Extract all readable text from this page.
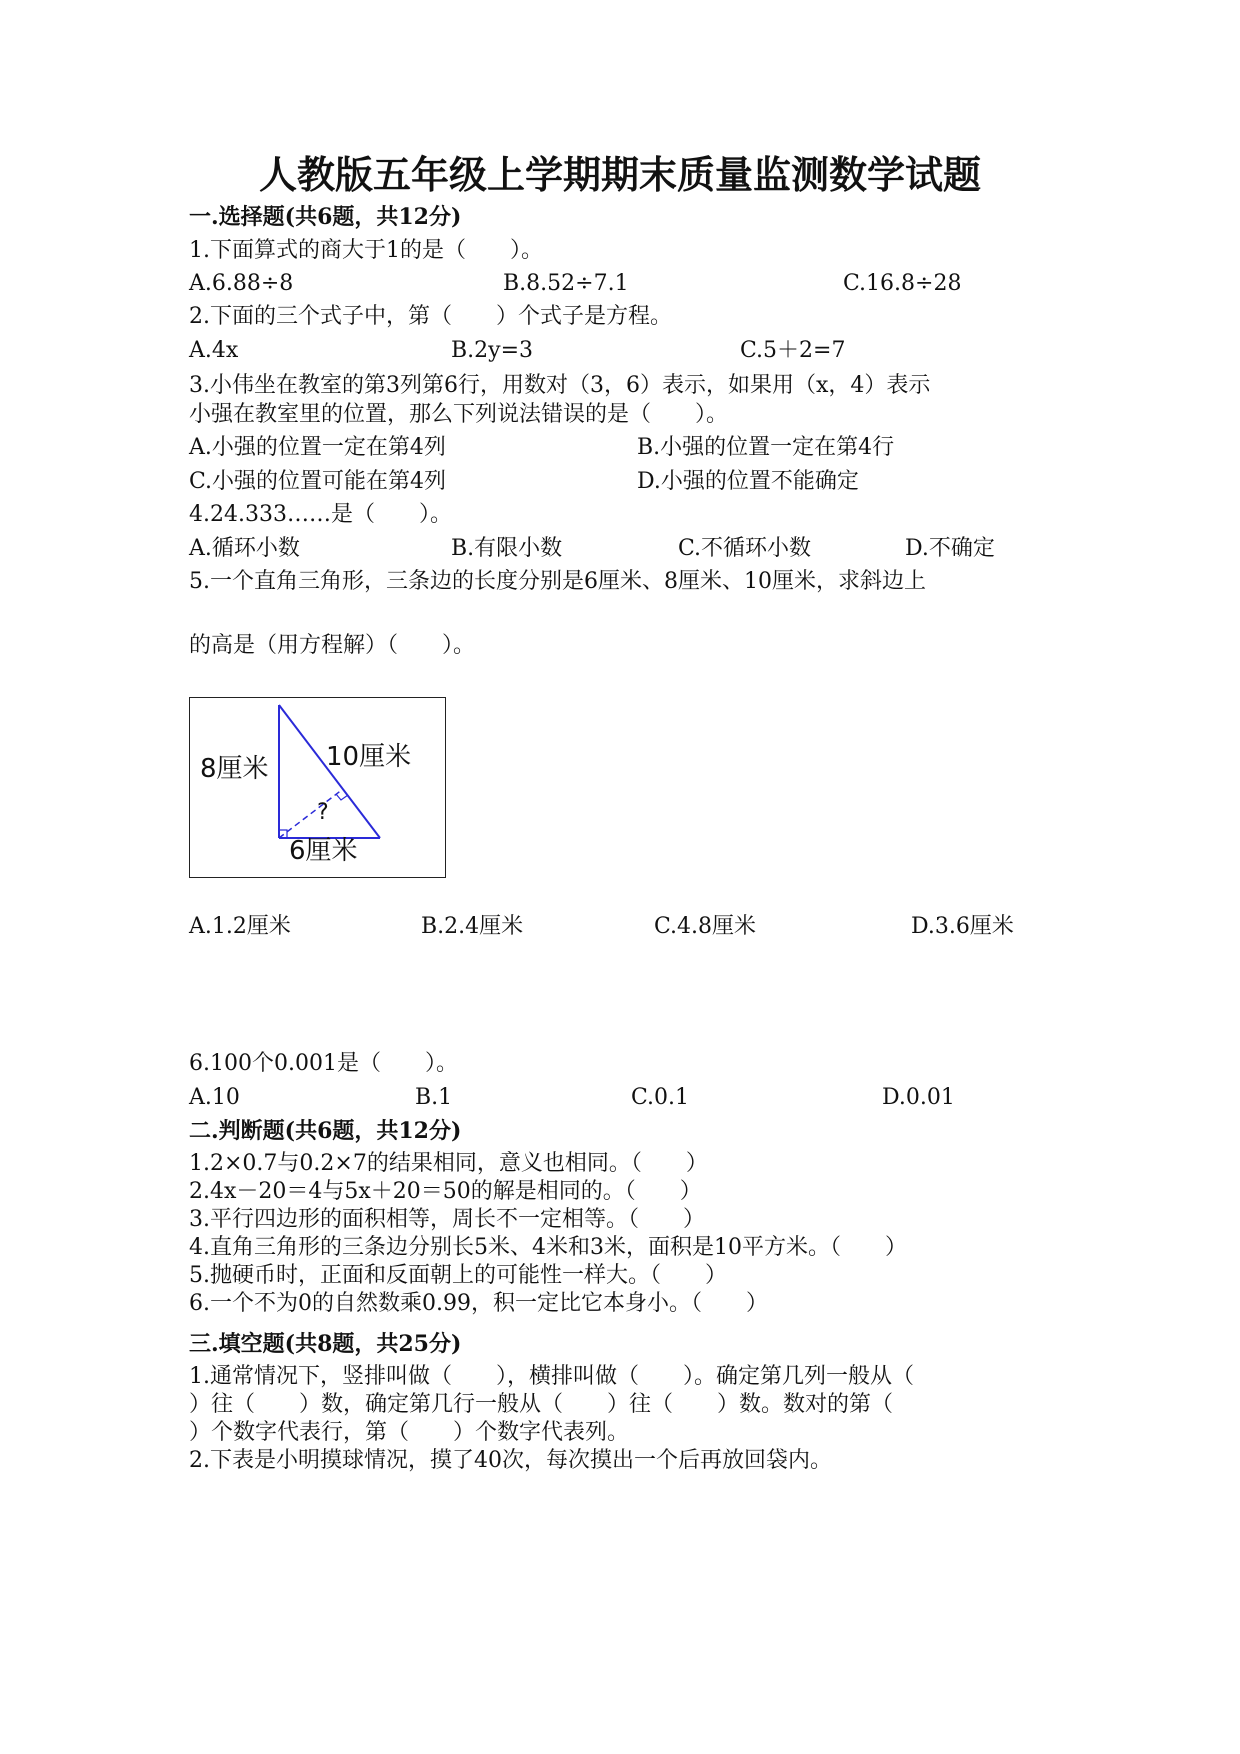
人教版五年级上学期期末质量监测数学试题
一.选择题(共6题，共12分)
1.下面算式的商大于1的是（　　）。
A.6.88÷8	B.8.52÷7.1	C.16.8÷28
2.下面的三个式子中，第（　　）个式子是方程。
A.4x	B.2y=3	C.5＋2=7
3.小伟坐在教室的第3列第6行，用数对（3，6）表示，如果用（x，4）表示
小强在教室里的位置，那么下列说法错误的是（　　）。
A.小强的位置一定在第4列	B.小强的位置一定在第4行
C.小强的位置可能在第4列	D.小强的位置不能确定
4.24.333……是（　　）。
A.循环小数	B.有限小数	C.不循环小数	D.不确定
5.一个直角三角形，三条边的长度分别是6厘米、8厘米、10厘米，求斜边上
的高是（用方程解）（　　）。
8厘米 10厘米
6厘米
?
A.1.2厘米	B.2.4厘米	C.4.8厘米	D.3.6厘米
6.100个0.001是（　　）。
A.10	B.1	C.0.1	D.0.01
二.判断题(共6题，共12分)
1.2×0.7与0.2×7的结果相同，意义也相同。（　　）
2.4x－20＝4与5x＋20＝50的解是相同的。（　　）
3.平行四边形的面积相等，周长不一定相等。（　　）
4.直角三角形的三条边分别长5米、4米和3米，面积是10平方米。（　　）
5.抛硬币时，正面和反面朝上的可能性一样大。（　　）
6.一个不为0的自然数乘0.99，积一定比它本身小。（　　）
三.填空题(共8题，共25分)
1.通常情况下，竖排叫做（　　），横排叫做（　　）。确定第几列一般从（
）往（　　）数，确定第几行一般从（　　）往（　　）数。数对的第（
）个数字代表行，第（　　）个数字代表列。
2.下表是小明摸球情况，摸了40次，每次摸出一个后再放回袋内。
